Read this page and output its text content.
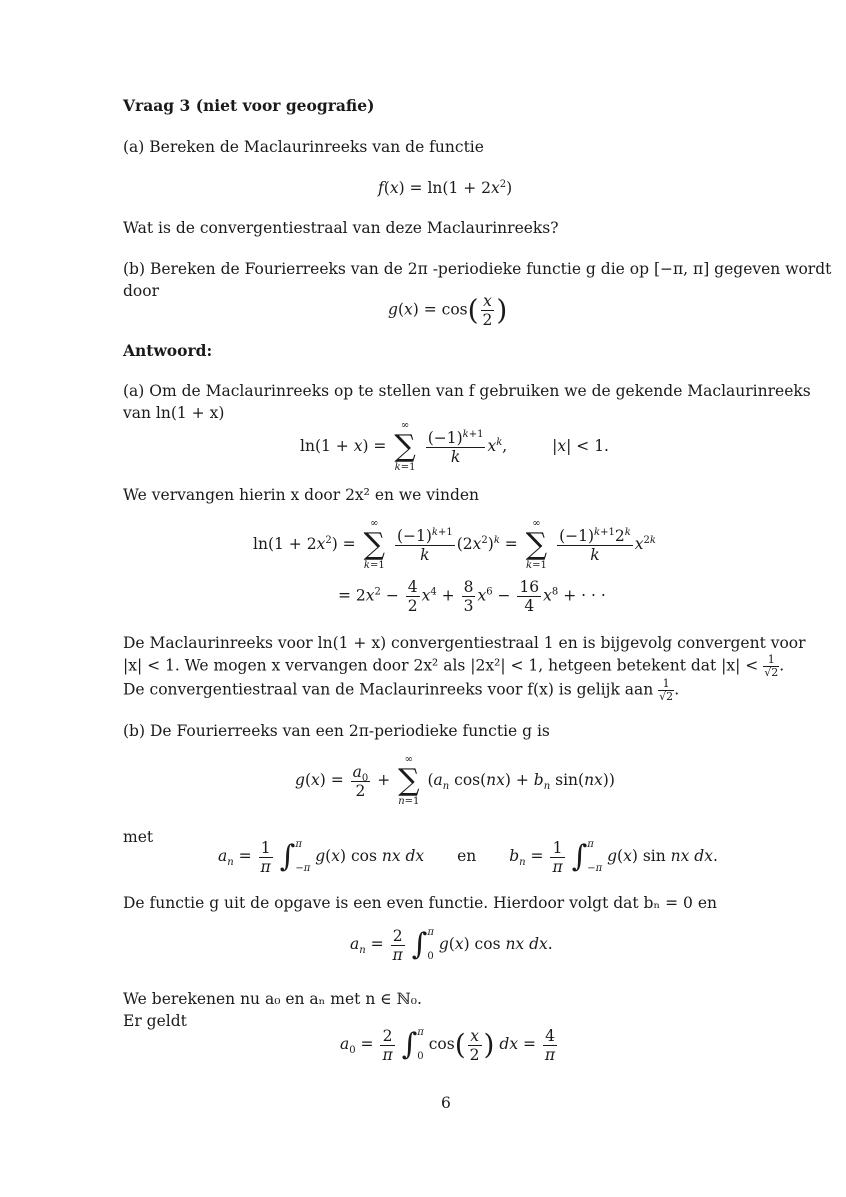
Vraag 3 (niet voor geografie)
(a) Bereken de Maclaurinreeks van de functie
$f(x) = \ln(1 + 2x^2)$
Wat is de convergentiestraal van deze Maclaurinreeks?
(b) Bereken de Fourierreeks van de 2π -periodieke functie g die op [−π, π] gegeven wordt
door
$g(x) = \cos( \frac{x}{2}$ )
Antwoord:
(a) Om de Maclaurinreeks op te stellen van f gebruiken we de gekende Maclaurinreeks
van ln(1 + x)
ln(1 + x) =
∞
∑
k=1

$\frac{(-1)^{k+1}}{k} x^k$,	|x| < 1.
We vervangen hierin x door 2x² en we vinden
$\ln(1 + 2x^2)$ =
∞
∑
k=1

$\frac{(-1)^{k+1}}{k} (2x^2)^k$ =
∞
∑
k=1

$\frac{(-1)^{k+1}2^k}{k} x^{2k}$
= $2x^2 - \frac{4}{2} x^4 + \frac{8}{3} x^6 - \frac{16}{4} x^8$ + · · ·
De Maclaurinreeks voor ln(1 + x) convergentiestraal 1 en is bijgevolg convergent voor
|x| < 1. We mogen x vervangen door 2x² als |2x²| < 1, hetgeen betekent dat $|x| < \frac{1}{√2}$ .
De convergentiestraal van de Maclaurinreeks voor f(x) is gelijk aan $\frac{1}{√2}$ .
(b) De Fourierreeks van een 2π-periodieke functie g is
$g(x) = \frac{a_0}{2}$ +
∞
∑
n=1
($a_n$ $\cos(nx) + b_n$ sin(nx))
met
$a_n = \frac{1}{\pi}$ ∫ π
−π
g(x) cos nx dx en $b_n = \frac{1}{\pi}$ ∫ π
−π
g(x) sin nx dx.
De functie g uit de opgave is een even functie. Hierdoor volgt dat bₙ = 0 en
$a_n = \frac{2}{\pi}$ ∫ π
0
g(x) cos nx dx.
We berekenen nu a₀ en aₙ met n ∈ ℕ₀.
Er geldt
$a_0 = \frac{2}{\pi}$ ∫ π
0
$\cos( \frac{x}{2}$ ) dx = $\frac{4}{\pi}$
6
